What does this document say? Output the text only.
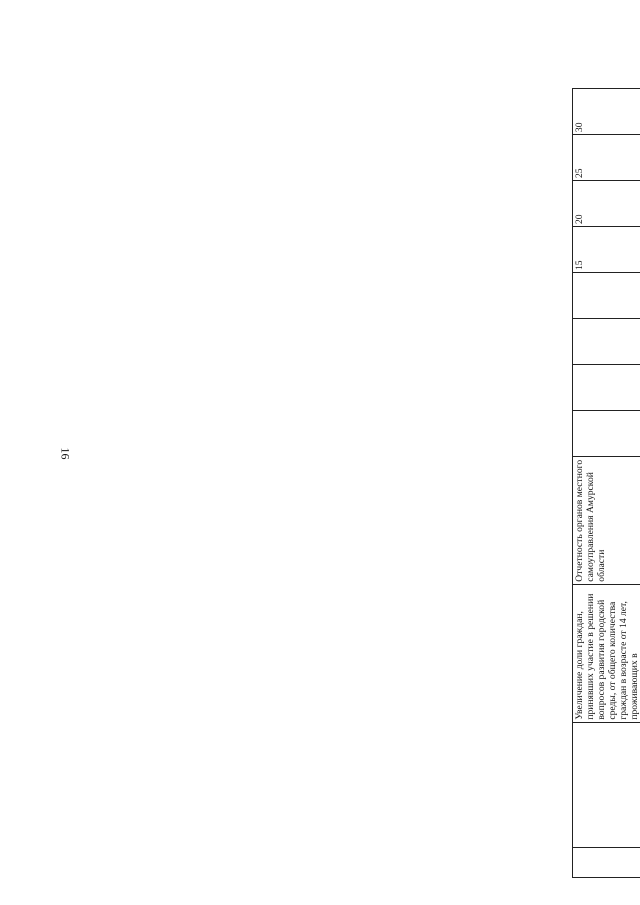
16
		Увеличение доли граждан, принявших участие в решении вопросов развития городской среды, от общего количества граждан в возрасте от 14 лет, проживающих в	Отчетность органов местного самоуправления Амурской области					15	20	25	30
